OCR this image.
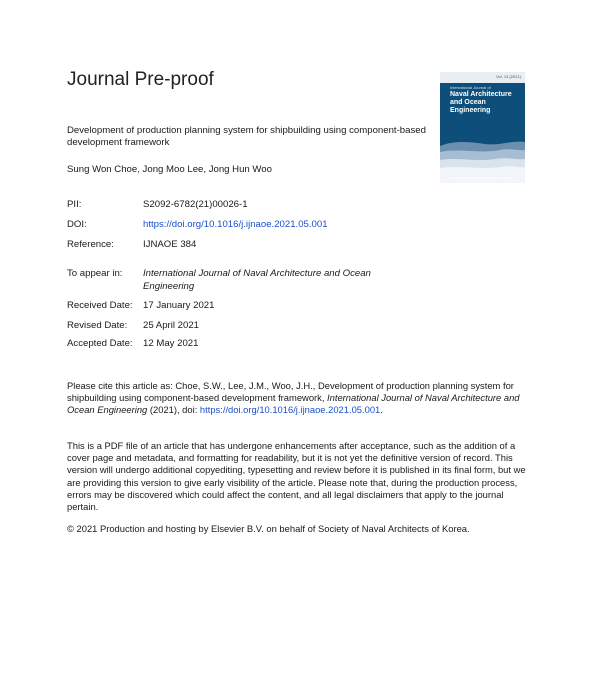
Journal Pre-proof	Vol. 13 (2021)
International Journal of
Naval Architecture and Ocean Engineering
Society of Naval Architects of Korea
Development of production planning system for shipbuilding using component-based development framework
Sung Won Choe, Jong Moo Lee, Jong Hun Woo
PII:	S2092-6782(21)00026-1
DOI:	https://doi.org/10.1016/j.ijnaoe.2021.05.001
Reference:	IJNAOE 384
To appear in: International Journal of Naval Architecture and Ocean Engineering
Received Date: 17 January 2021
Revised Date: 25 April 2021
Accepted Date: 12 May 2021
Please cite this article as: Choe, S.W., Lee, J.M., Woo, J.H., Development of production planning system for shipbuilding using component-based development framework, International Journal of Naval Architecture and Ocean Engineering (2021), doi: https://doi.org/10.1016/j.ijnaoe.2021.05.001.
This is a PDF file of an article that has undergone enhancements after acceptance, such as the addition of a cover page and metadata, and formatting for readability, but it is not yet the definitive version of record. This version will undergo additional copyediting, typesetting and review before it is published in its final form, but we are providing this version to give early visibility of the article. Please note that, during the production process, errors may be discovered which could affect the content, and all legal disclaimers that apply to the journal pertain.
© 2021 Production and hosting by Elsevier B.V. on behalf of Society of Naval Architects of Korea.
